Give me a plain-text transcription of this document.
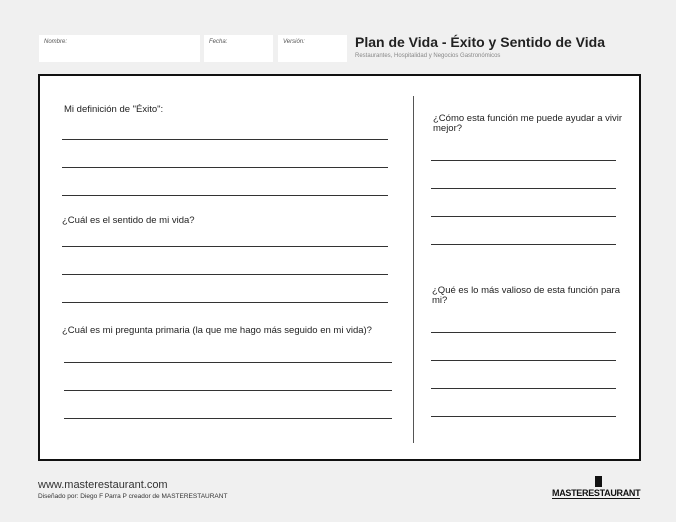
Nombre:	Fecha:	Versión:	Plan de Vida - Éxito y Sentido de Vida
Restaurantes, Hospitalidad y Negocios Gastronómicos
Mi definición de "Éxito":
¿Cuál es el sentido de mi vida?
¿Cuál es mi pregunta primaria (la que me hago más seguido en mi vida)?
¿Cómo esta función me puede ayudar a vivir mejor?
¿Qué es lo más valioso de esta función para mi?
www.masterestaurant.com
Diseñado por: Diego F Parra P creador de MASTERESTAURANT	MASTERESTAURANT
